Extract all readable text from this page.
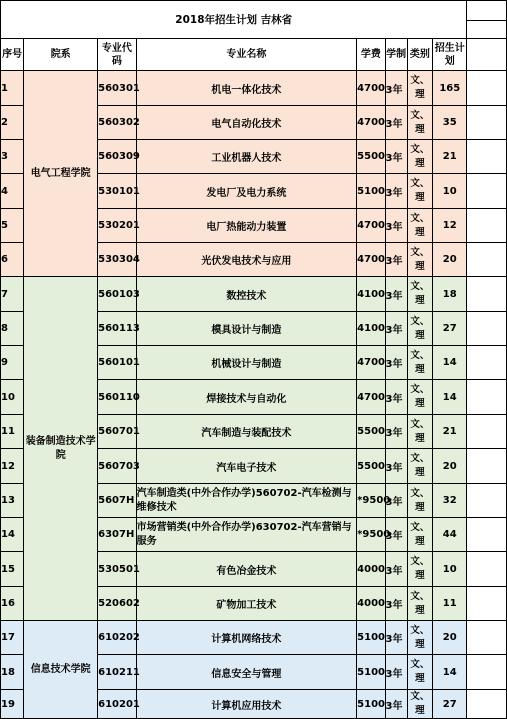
2018年招生计划 吉林省								

序号	院系	专业代码	专业名称	学费	学制	类别	招生计划	
1	电气工程学院	560301	机电一体化技术	4700	3年	文、理	165	
2		560302	电气自动化技术	4700	3年	文、理	35	
3		560309	工业机器人技术	5500	3年	文、理	21	
4		530101	发电厂及电力系统	5100	3年	文、理	10	
5		530201	电厂热能动力装置	4700	3年	文、理	12	
6		530304	光伏发电技术与应用	4700	3年	文、理	20	
7	装备制造技术学院	560103	数控技术	4100	3年	文、理	18	
8		560113	模具设计与制造	4100	3年	文、理	27	
9		560101	机械设计与制造	4700	3年	文、理	14	
10		560110	焊接技术与自动化	4700	3年	文、理	14	
11		560701	汽车制造与装配技术	5500	3年	文、理	21	
12		560703	汽车电子技术	5500	3年	文、理	20	
13		5607H	汽车制造类(中外合作办学)560702-汽车检测与维修技术	*9500	3年	文、理	32	
14		6307H	市场营销类(中外合作办学)630702-汽车营销与服务	*9500	3年	文、理	44	
15		530501	有色冶金技术	4000	3年	文、理	10	
16		520602	矿物加工技术	4000	3年	文、理	11	
17	信息技术学院	610202	计算机网络技术	5100	3年	文、理	20	
18		610211	信息安全与管理	5100	3年	文、理	14	
19		610201	计算机应用技术	5100	3年	文、理	27	
